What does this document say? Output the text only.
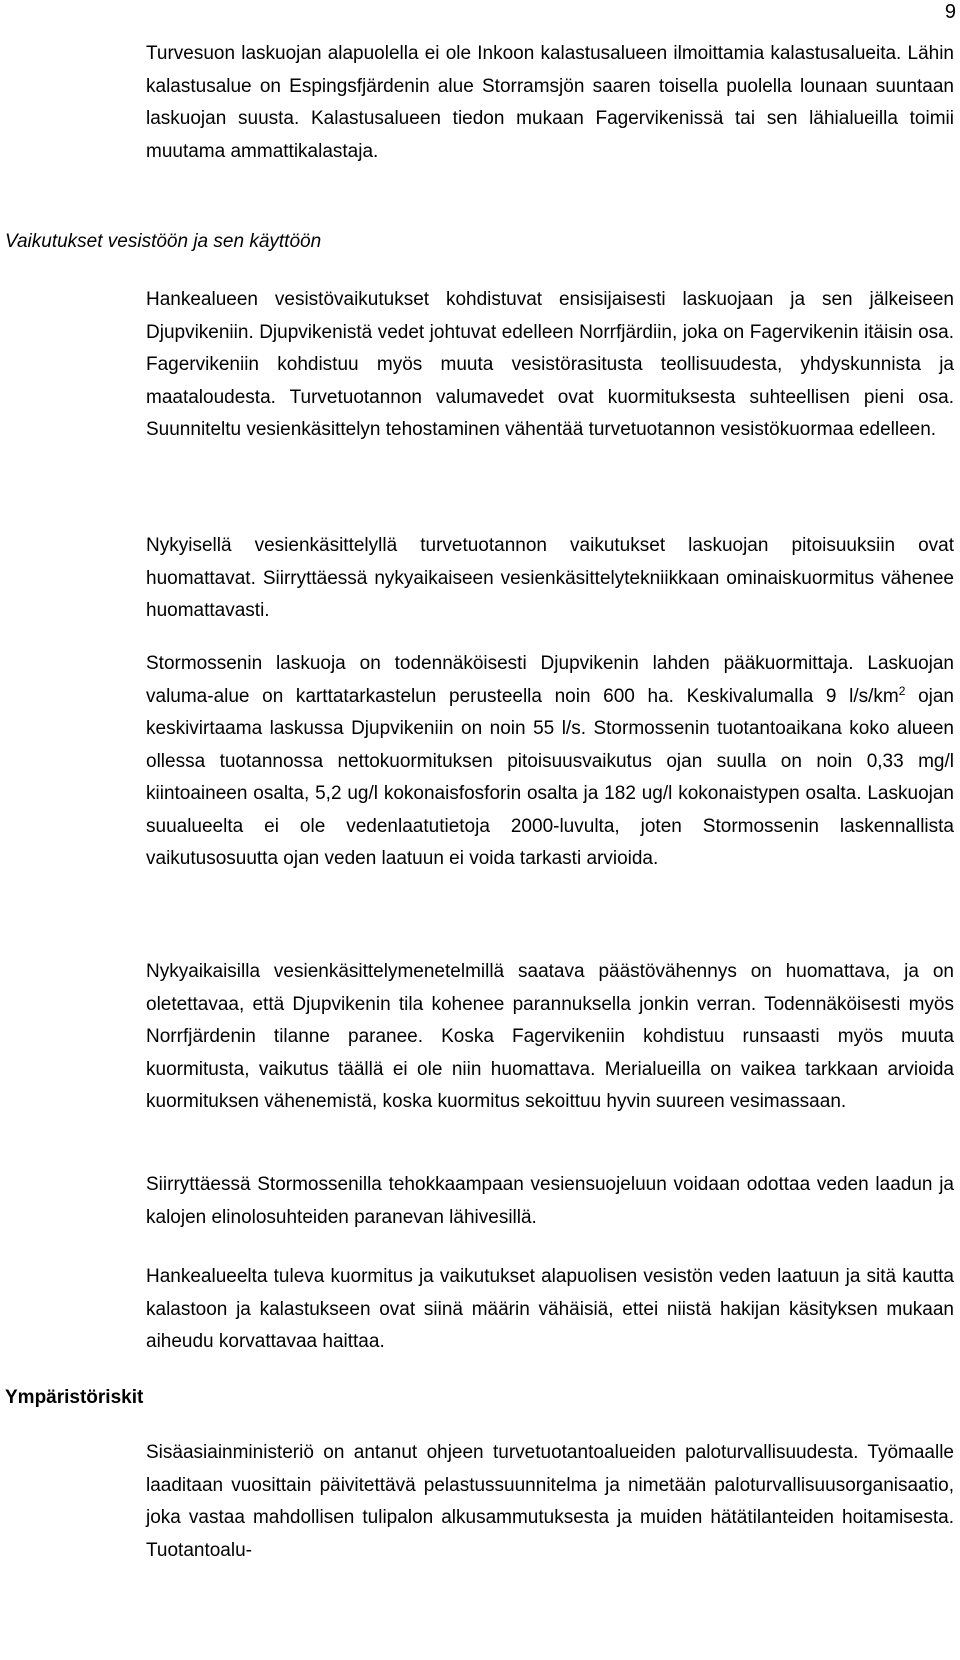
9

Turvesuon laskuojan alapuolella ei ole Inkoon kalastusalueen ilmoittamia kalastusalueita. Lähin kalastusalue on Espingsfjärdenin alue Storramsjön saaren toisella puolella lounaan suuntaan laskuojan suusta. Kalastusalueen tiedon mukaan Fagervikenissä tai sen lähialueilla toimii muutama ammattikalastaja.

Vaikutukset vesistöön ja sen käyttöön

Hankealueen vesistövaikutukset kohdistuvat ensisijaisesti laskuojaan ja sen jälkeiseen Djupvikeniin. Djupvikenistä vedet johtuvat edelleen Norrfjärdiin, joka on Fagervikenin itäisin osa. Fagervikeniin kohdistuu myös muuta vesistörasitusta teollisuudesta, yhdyskunnista ja maataloudesta. Turvetuotannon valumavedet ovat kuormituksesta suhteellisen pieni osa. Suunniteltu vesienkäsittelyn tehostaminen vähentää turvetuotannon vesistökuormaa edelleen.

Nykyisellä vesienkäsittelyllä turvetuotannon vaikutukset laskuojan pitoisuuksiin ovat huomattavat. Siirryttäessä nykyaikaiseen vesienkäsittelytekniikkaan ominaiskuormitus vähenee huomattavasti.

Stormossenin laskuoja on todennäköisesti Djupvikenin lahden pääkuormittaja. Laskuojan valuma-alue on karttatarkastelun perusteella noin 600 ha. Keskivalumalla 9 $l/s/km^2$ ojan keskivirtaama laskussa Djupvikeniin on noin 55 l/s. Stormossenin tuotantoaikana koko alueen ollessa tuotannossa nettokuormituksen pitoisuusvaikutus ojan suulla on noin 0,33 mg/l kiintoaineen osalta, 5,2 ug/l kokonaisfosforin osalta ja 182 ug/l kokonaistypen osalta. Laskuojan suualueelta ei ole vedenlaatutietoja 2000-luvulta, joten Stormossenin laskennallista vaikutusosuutta ojan veden laatuun ei voida tarkasti arvioida.

Nykyaikaisilla vesienkäsittelymenetelmillä saatava päästövähennys on huomattava, ja on oletettavaa, että Djupvikenin tila kohenee parannuksella jonkin verran. Todennäköisesti myös Norrfjärdenin tilanne paranee. Koska Fagervikeniin kohdistuu runsaasti myös muuta kuormitusta, vaikutus täällä ei ole niin huomattava. Merialueilla on vaikea tarkkaan arvioida kuormituksen vähenemistä, koska kuormitus sekoittuu hyvin suureen vesimassaan.

Siirryttäessä Stormossenilla tehokkaampaan vesiensuojeluun voidaan odottaa veden laadun ja kalojen elinolosuhteiden paranevan lähivesillä.

Hankealueelta tuleva kuormitus ja vaikutukset alapuolisen vesistön veden laatuun ja sitä kautta kalastoon ja kalastukseen ovat siinä määrin vähäisiä, ettei niistä hakijan käsityksen mukaan aiheudu korvattavaa haittaa.

Ympäristöriskit

Sisäasiainministeriö on antanut ohjeen turvetuotantoalueiden paloturvallisuudesta. Työmaalle laaditaan vuosittain päivitettävä pelastussuunnitelma ja nimetään paloturvallisuusorganisaatio, joka vastaa mahdollisen tulipalon alkusammutuksesta ja muiden hätätilanteiden hoitamisesta. Tuotantoalu-
